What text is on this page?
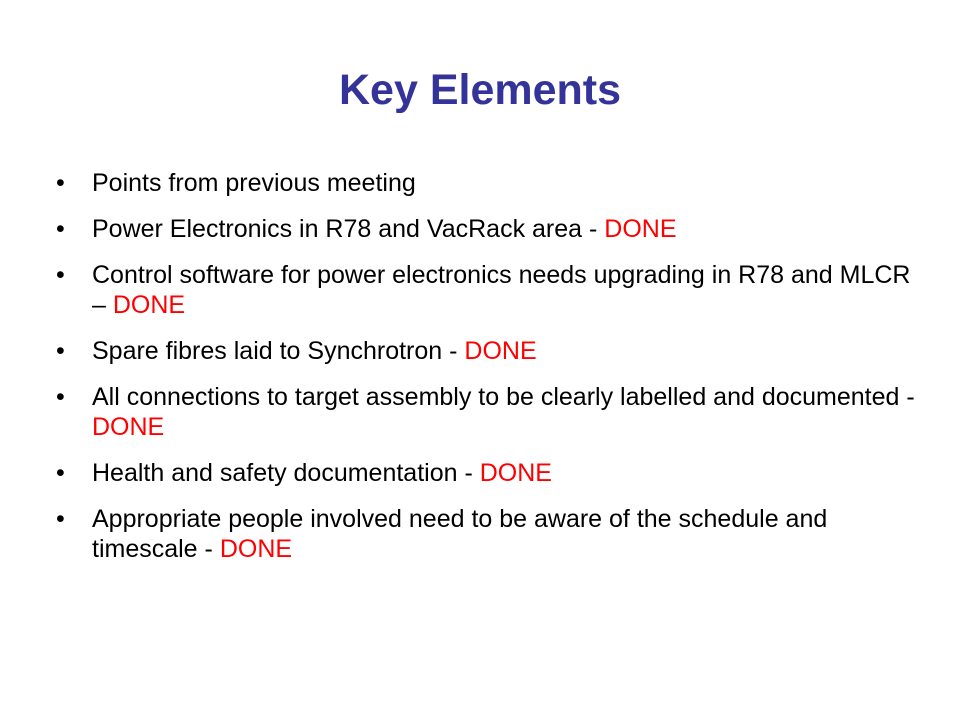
Key Elements
•	Points from previous meeting
•	Power Electronics in R78 and VacRack area - DONE
•	Control software for power electronics needs upgrading in R78 and MLCR – DONE
•	Spare fibres laid to Synchrotron - DONE
•	All connections to target assembly to be clearly labelled and documented - DONE
•	Health and safety documentation - DONE
•	Appropriate people involved need to be aware of the schedule and timescale - DONE
